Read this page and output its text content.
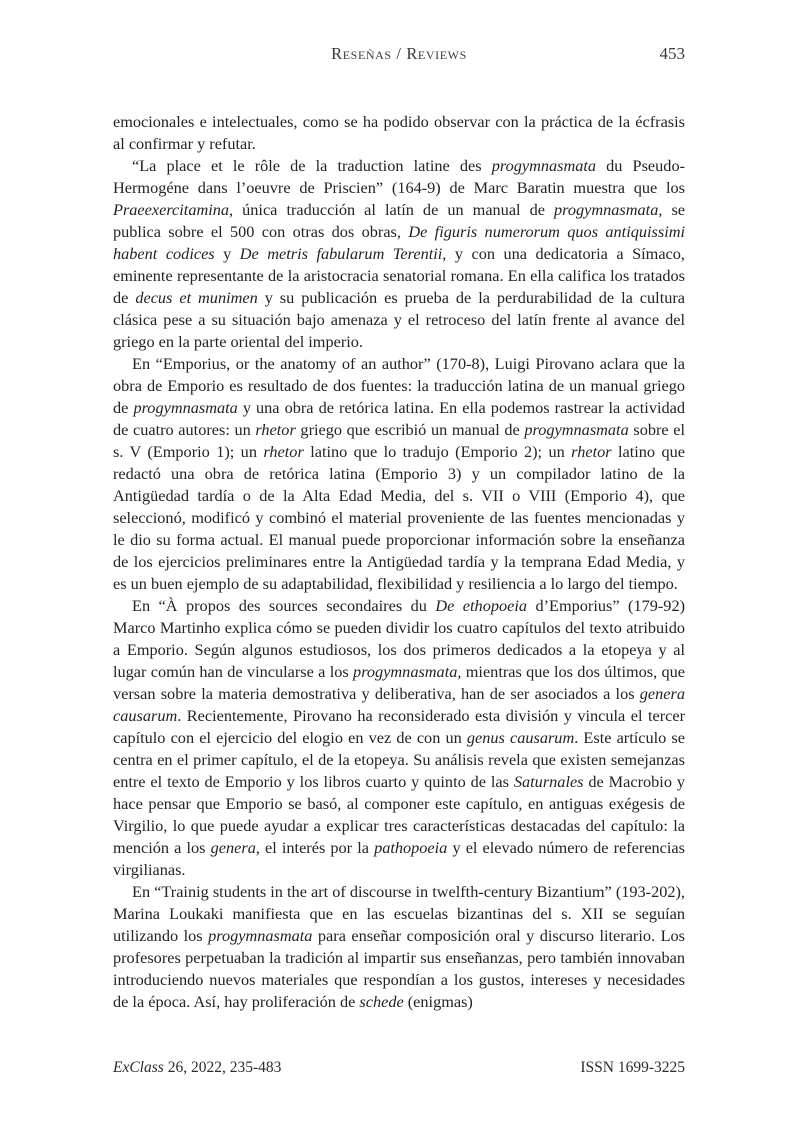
Reseñas / Reviews	453

emocionales e intelectuales, como se ha podido observar con la práctica de la écfrasis al confirmar y refutar.

“La place et le rôle de la traduction latine des progymnasmata du Pseudo-Hermogéne dans l’oeuvre de Priscien” (164-9) de Marc Baratin muestra que los Praeexercitamina, única traducción al latín de un manual de progymnasmata, se publica sobre el 500 con otras dos obras, De figuris numerorum quos antiquissimi habent codices y De metris fabularum Terentii, y con una dedicatoria a Símaco, eminente representante de la aristocracia senatorial romana. En ella califica los tratados de decus et munimen y su publicación es prueba de la perdurabilidad de la cultura clásica pese a su situación bajo amenaza y el retroceso del latín frente al avance del griego en la parte oriental del imperio.

En “Emporius, or the anatomy of an author” (170-8), Luigi Pirovano aclara que la obra de Emporio es resultado de dos fuentes: la traducción latina de un manual griego de progymnasmata y una obra de retórica latina. En ella podemos rastrear la actividad de cuatro autores: un rhetor griego que escribió un manual de progymnasmata sobre el s. V (Emporio 1); un rhetor latino que lo tradujo (Emporio 2); un rhetor latino que redactó una obra de retórica latina (Emporio 3) y un compilador latino de la Antigüedad tardía o de la Alta Edad Media, del s. VII o VIII (Emporio 4), que seleccionó, modificó y combinó el material proveniente de las fuentes mencionadas y le dio su forma actual. El manual puede proporcionar información sobre la enseñanza de los ejercicios preliminares entre la Antigüedad tardía y la temprana Edad Media, y es un buen ejemplo de su adaptabilidad, flexibilidad y resiliencia a lo largo del tiempo.

En “À propos des sources secondaires du De ethopoeia d’Emporius” (179-92) Marco Martinho explica cómo se pueden dividir los cuatro capítulos del texto atribuido a Emporio. Según algunos estudiosos, los dos primeros dedicados a la etopeya y al lugar común han de vincularse a los progymnasmata, mientras que los dos últimos, que versan sobre la materia demostrativa y deliberativa, han de ser asociados a los genera causarum. Recientemente, Pirovano ha reconsiderado esta división y vincula el tercer capítulo con el ejercicio del elogio en vez de con un genus causarum. Este artículo se centra en el primer capítulo, el de la etopeya. Su análisis revela que existen semejanzas entre el texto de Emporio y los libros cuarto y quinto de las Saturnales de Macrobio y hace pensar que Emporio se basó, al componer este capítulo, en antiguas exégesis de Virgilio, lo que puede ayudar a explicar tres características destacadas del capítulo: la mención a los genera, el interés por la pathopoeia y el elevado número de referencias virgilianas.

En “Trainig students in the art of discourse in twelfth-century Bizantium” (193-202), Marina Loukaki manifiesta que en las escuelas bizantinas del s. XII se seguían utilizando los progymnasmata para enseñar composición oral y discurso literario. Los profesores perpetuaban la tradición al impartir sus enseñanzas, pero también innovaban introduciendo nuevos materiales que respondían a los gustos, intereses y necesidades de la época. Así, hay proliferación de schede (enigmas)

ExClass 26, 2022, 235-483	ISSN 1699-3225
